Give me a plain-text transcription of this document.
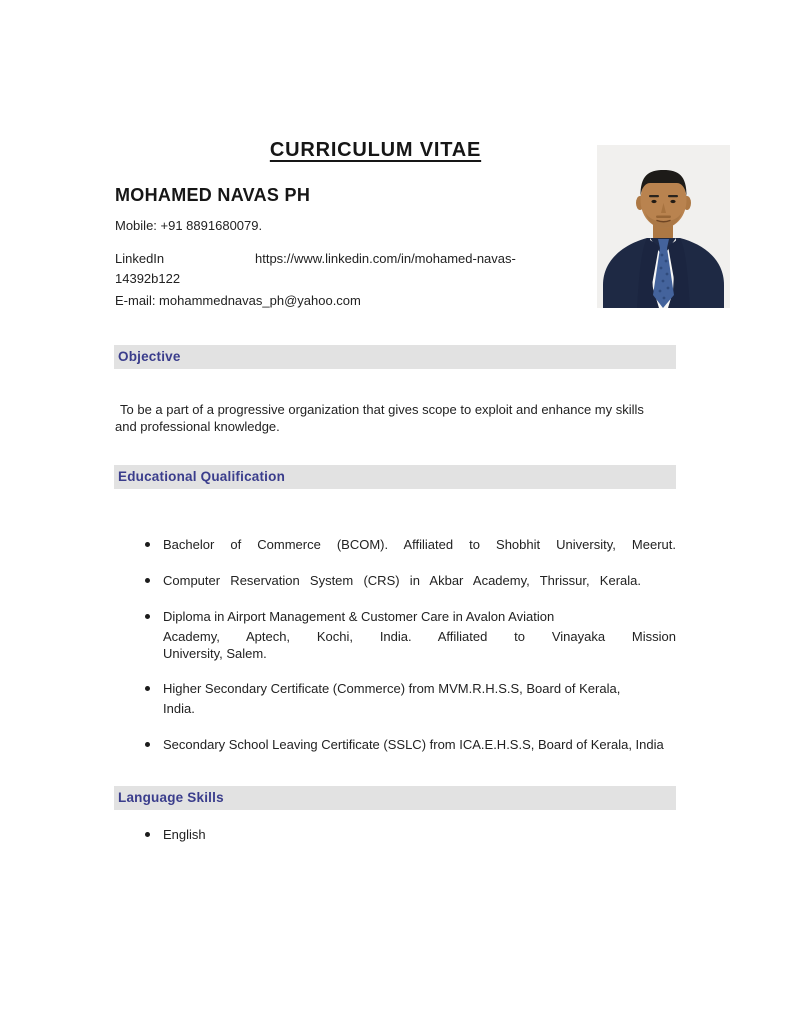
CURRICULUM VITAE
MOHAMED NAVAS PH
Mobile: +91 8891680079.
LinkedIn	https://www.linkedin.com/in/mohamed-navas-
14392b122
E-mail: mohammednavas_ph@yahoo.com
Objective
To be a part of a progressive organization that gives scope to exploit and enhance my skills
and professional knowledge.
Educational Qualification
Bachelor of Commerce (BCOM). Affiliated to Shobhit University, Meerut.
Computer Reservation System (CRS) in Akbar Academy, Thrissur, Kerala.
Diploma in Airport Management & Customer Care in Avalon Aviation
Academy, Aptech, Kochi, India. Affiliated to Vinayaka Mission
University, Salem.
Higher Secondary Certificate (Commerce) from MVM.R.H.S.S, Board of Kerala,
India.
Secondary School Leaving Certificate (SSLC) from ICA.E.H.S.S, Board of Kerala, India
Language Skills
English
